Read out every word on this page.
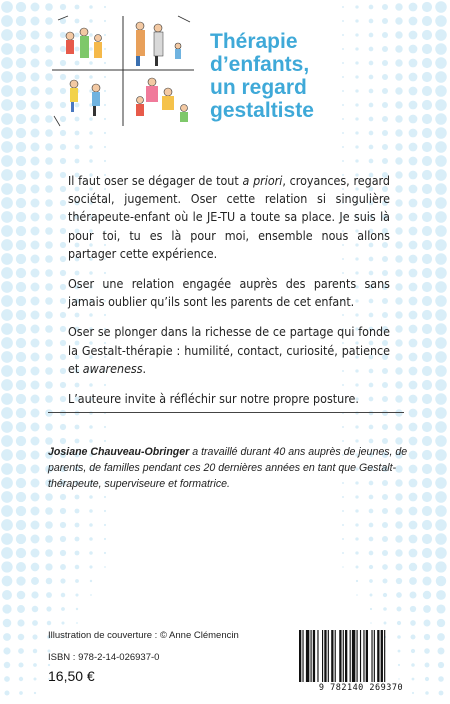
Thérapie
d’enfants,
un regard
gestaltiste

Il faut oser se dégager de tout a priori, croyances, regard sociétal, jugement. Oser cette relation si singulière thérapeute-enfant où le JE-TU a toute sa place. Je suis là pour toi, tu es là pour moi, ensemble nous allons partager cette expérience.

Oser une relation engagée auprès des parents sans jamais oublier qu’ils sont les parents de cet enfant.

Oser se plonger dans la richesse de ce partage qui fonde la Gestalt-thérapie : humilité, contact, curiosité, patience et awareness.

L’auteure invite à réfléchir sur notre propre posture.

Josiane Chauveau-Obringer a travaillé durant 40 ans auprès de jeunes, de parents, de familles pendant ces 20 dernières années en tant que Gestalt-thérapeute, superviseure et formatrice.
Illustration de couverture : © Anne Clémencin
ISBN : 978-2-14-026937-0
16,50 €
9 782140 269370
